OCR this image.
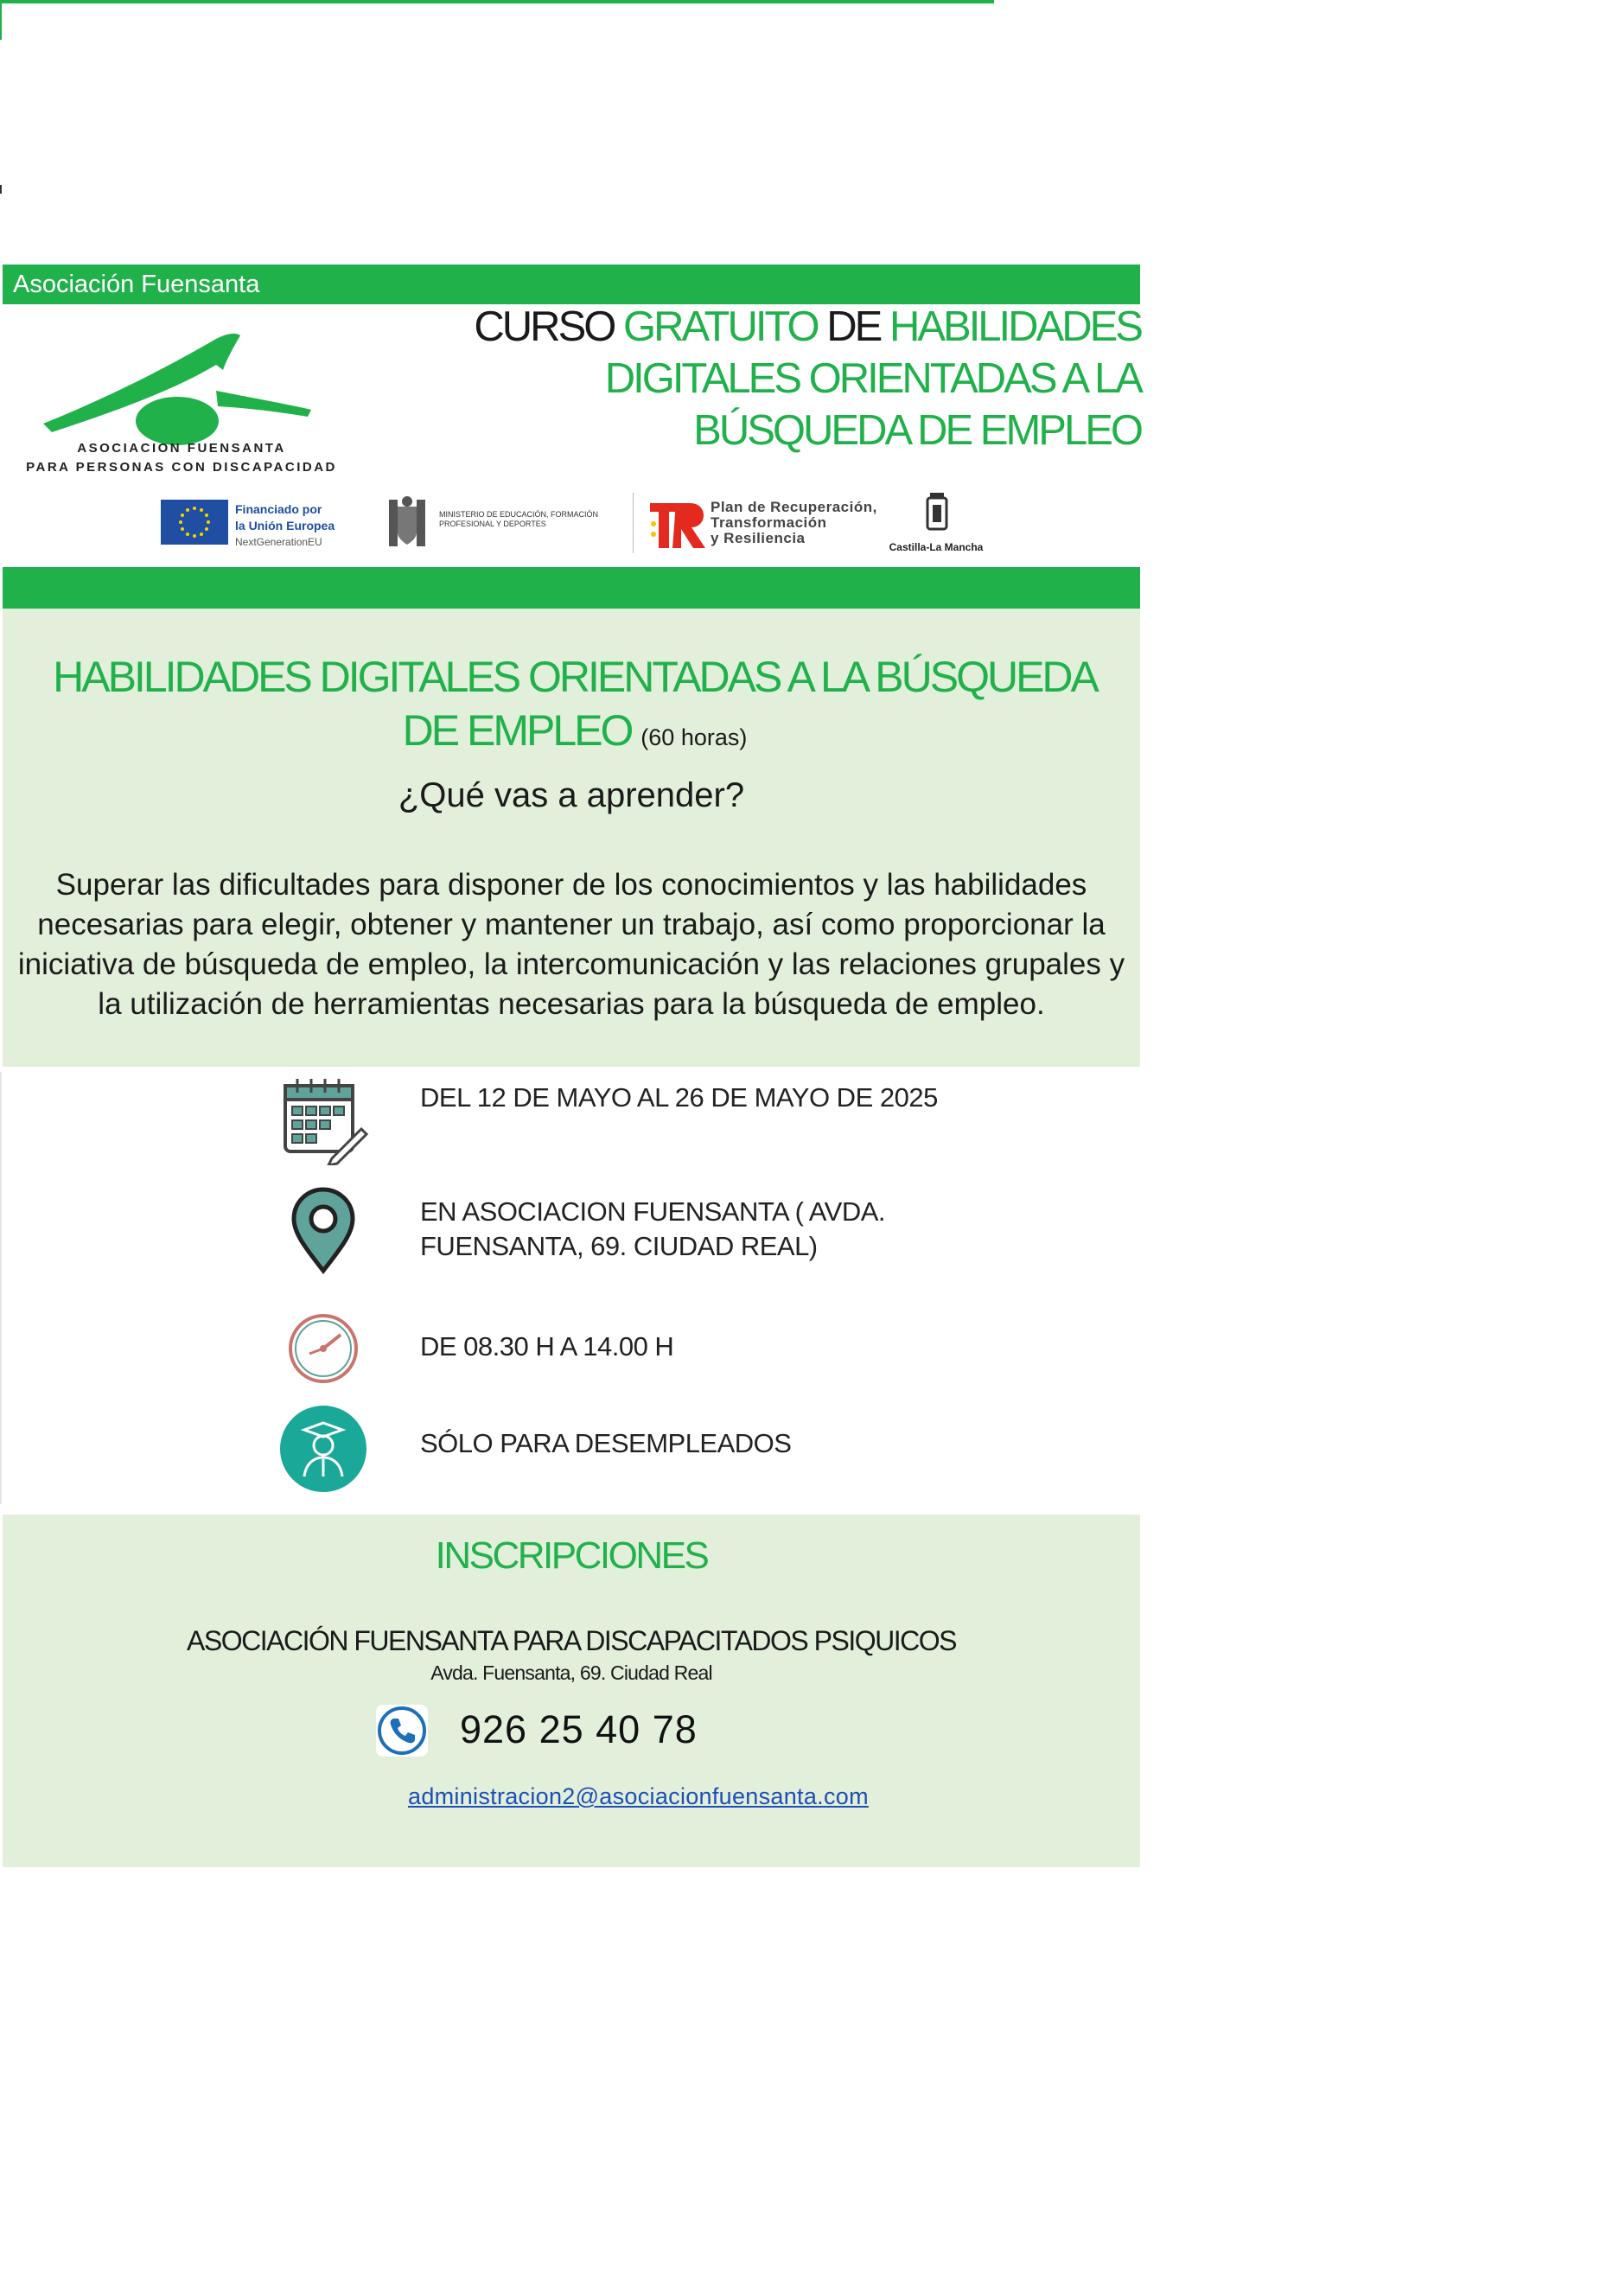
Asociación Fuensanta
ASOCIACION FUENSANTA
PARA PERSONAS CON DISCAPACIDAD
CURSO GRATUITO DE HABILIDADES
DIGITALES ORIENTADAS A LA
BÚSQUEDA DE EMPLEO
Financiado por
la Unión Europea
NextGenerationEU
MINISTERIO DE EDUCACIÓN, FORMACIÓN PROFESIONAL Y DEPORTES
Plan de Recuperación,
Transformación
y Resiliencia
Castilla-La Mancha
HABILIDADES DIGITALES ORIENTADAS A LA BÚSQUEDA DE EMPLEO (60 horas)
¿Qué vas a aprender?
Superar las dificultades para disponer de los conocimientos y las habilidades necesarias para elegir, obtener y mantener un trabajo, así como proporcionar la iniciativa de búsqueda de empleo, la intercomunicación y las relaciones grupales y la utilización de herramientas necesarias para la búsqueda de empleo.
DEL 12 DE MAYO AL 26 DE MAYO DE 2025
EN ASOCIACION FUENSANTA ( AVDA. FUENSANTA, 69. CIUDAD REAL)
DE 08.30 H A 14.00 H
SÓLO PARA DESEMPLEADOS
INSCRIPCIONES
ASOCIACIÓN FUENSANTA PARA DISCAPACITADOS PSIQUICOS
Avda. Fuensanta, 69. Ciudad Real
926 25 40 78
administracion2@asociacionfuensanta.com
